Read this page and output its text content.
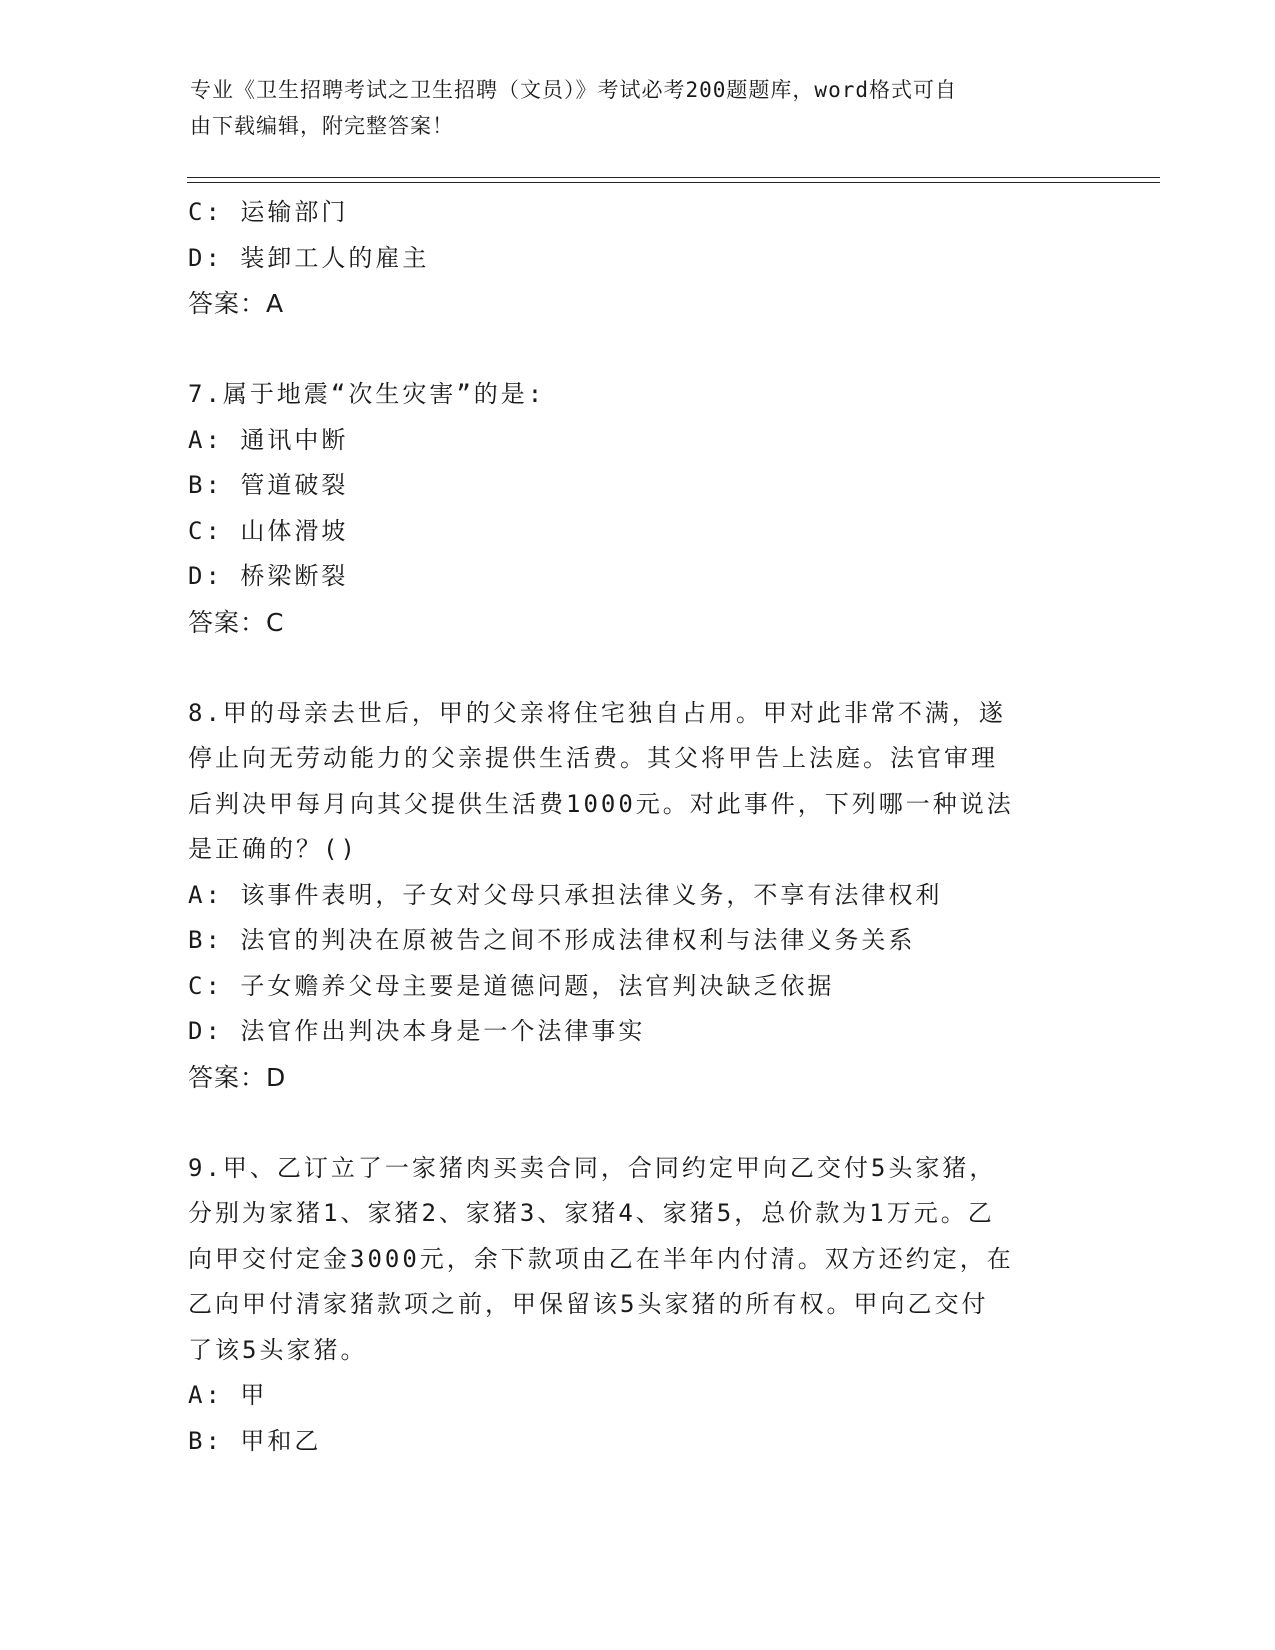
专业《卫生招聘考试之卫生招聘（文员）》考试必考200题题库，word格式可自
由下载编辑，附完整答案！
C: 运输部门
D: 装卸工人的雇主
答案：A
7.属于地震“次生灾害”的是:
A: 通讯中断
B: 管道破裂
C: 山体滑坡
D: 桥梁断裂
答案：C
8.甲的母亲去世后，甲的父亲将住宅独自占用。甲对此非常不满，遂
停止向无劳动能力的父亲提供生活费。其父将甲告上法庭。法官审理
后判决甲每月向其父提供生活费1000元。对此事件，下列哪一种说法
是正确的？()
A: 该事件表明，子女对父母只承担法律义务，不享有法律权利
B: 法官的判决在原被告之间不形成法律权利与法律义务关系
C: 子女赡养父母主要是道德问题，法官判决缺乏依据
D: 法官作出判决本身是一个法律事实
答案：D
9.甲、乙订立了一家猪肉买卖合同，合同约定甲向乙交付5头家猪，
分别为家猪1、家猪2、家猪3、家猪4、家猪5，总价款为1万元。乙
向甲交付定金3000元，余下款项由乙在半年内付清。双方还约定，在
乙向甲付清家猪款项之前，甲保留该5头家猪的所有权。甲向乙交付
了该5头家猪。
A: 甲
B: 甲和乙
